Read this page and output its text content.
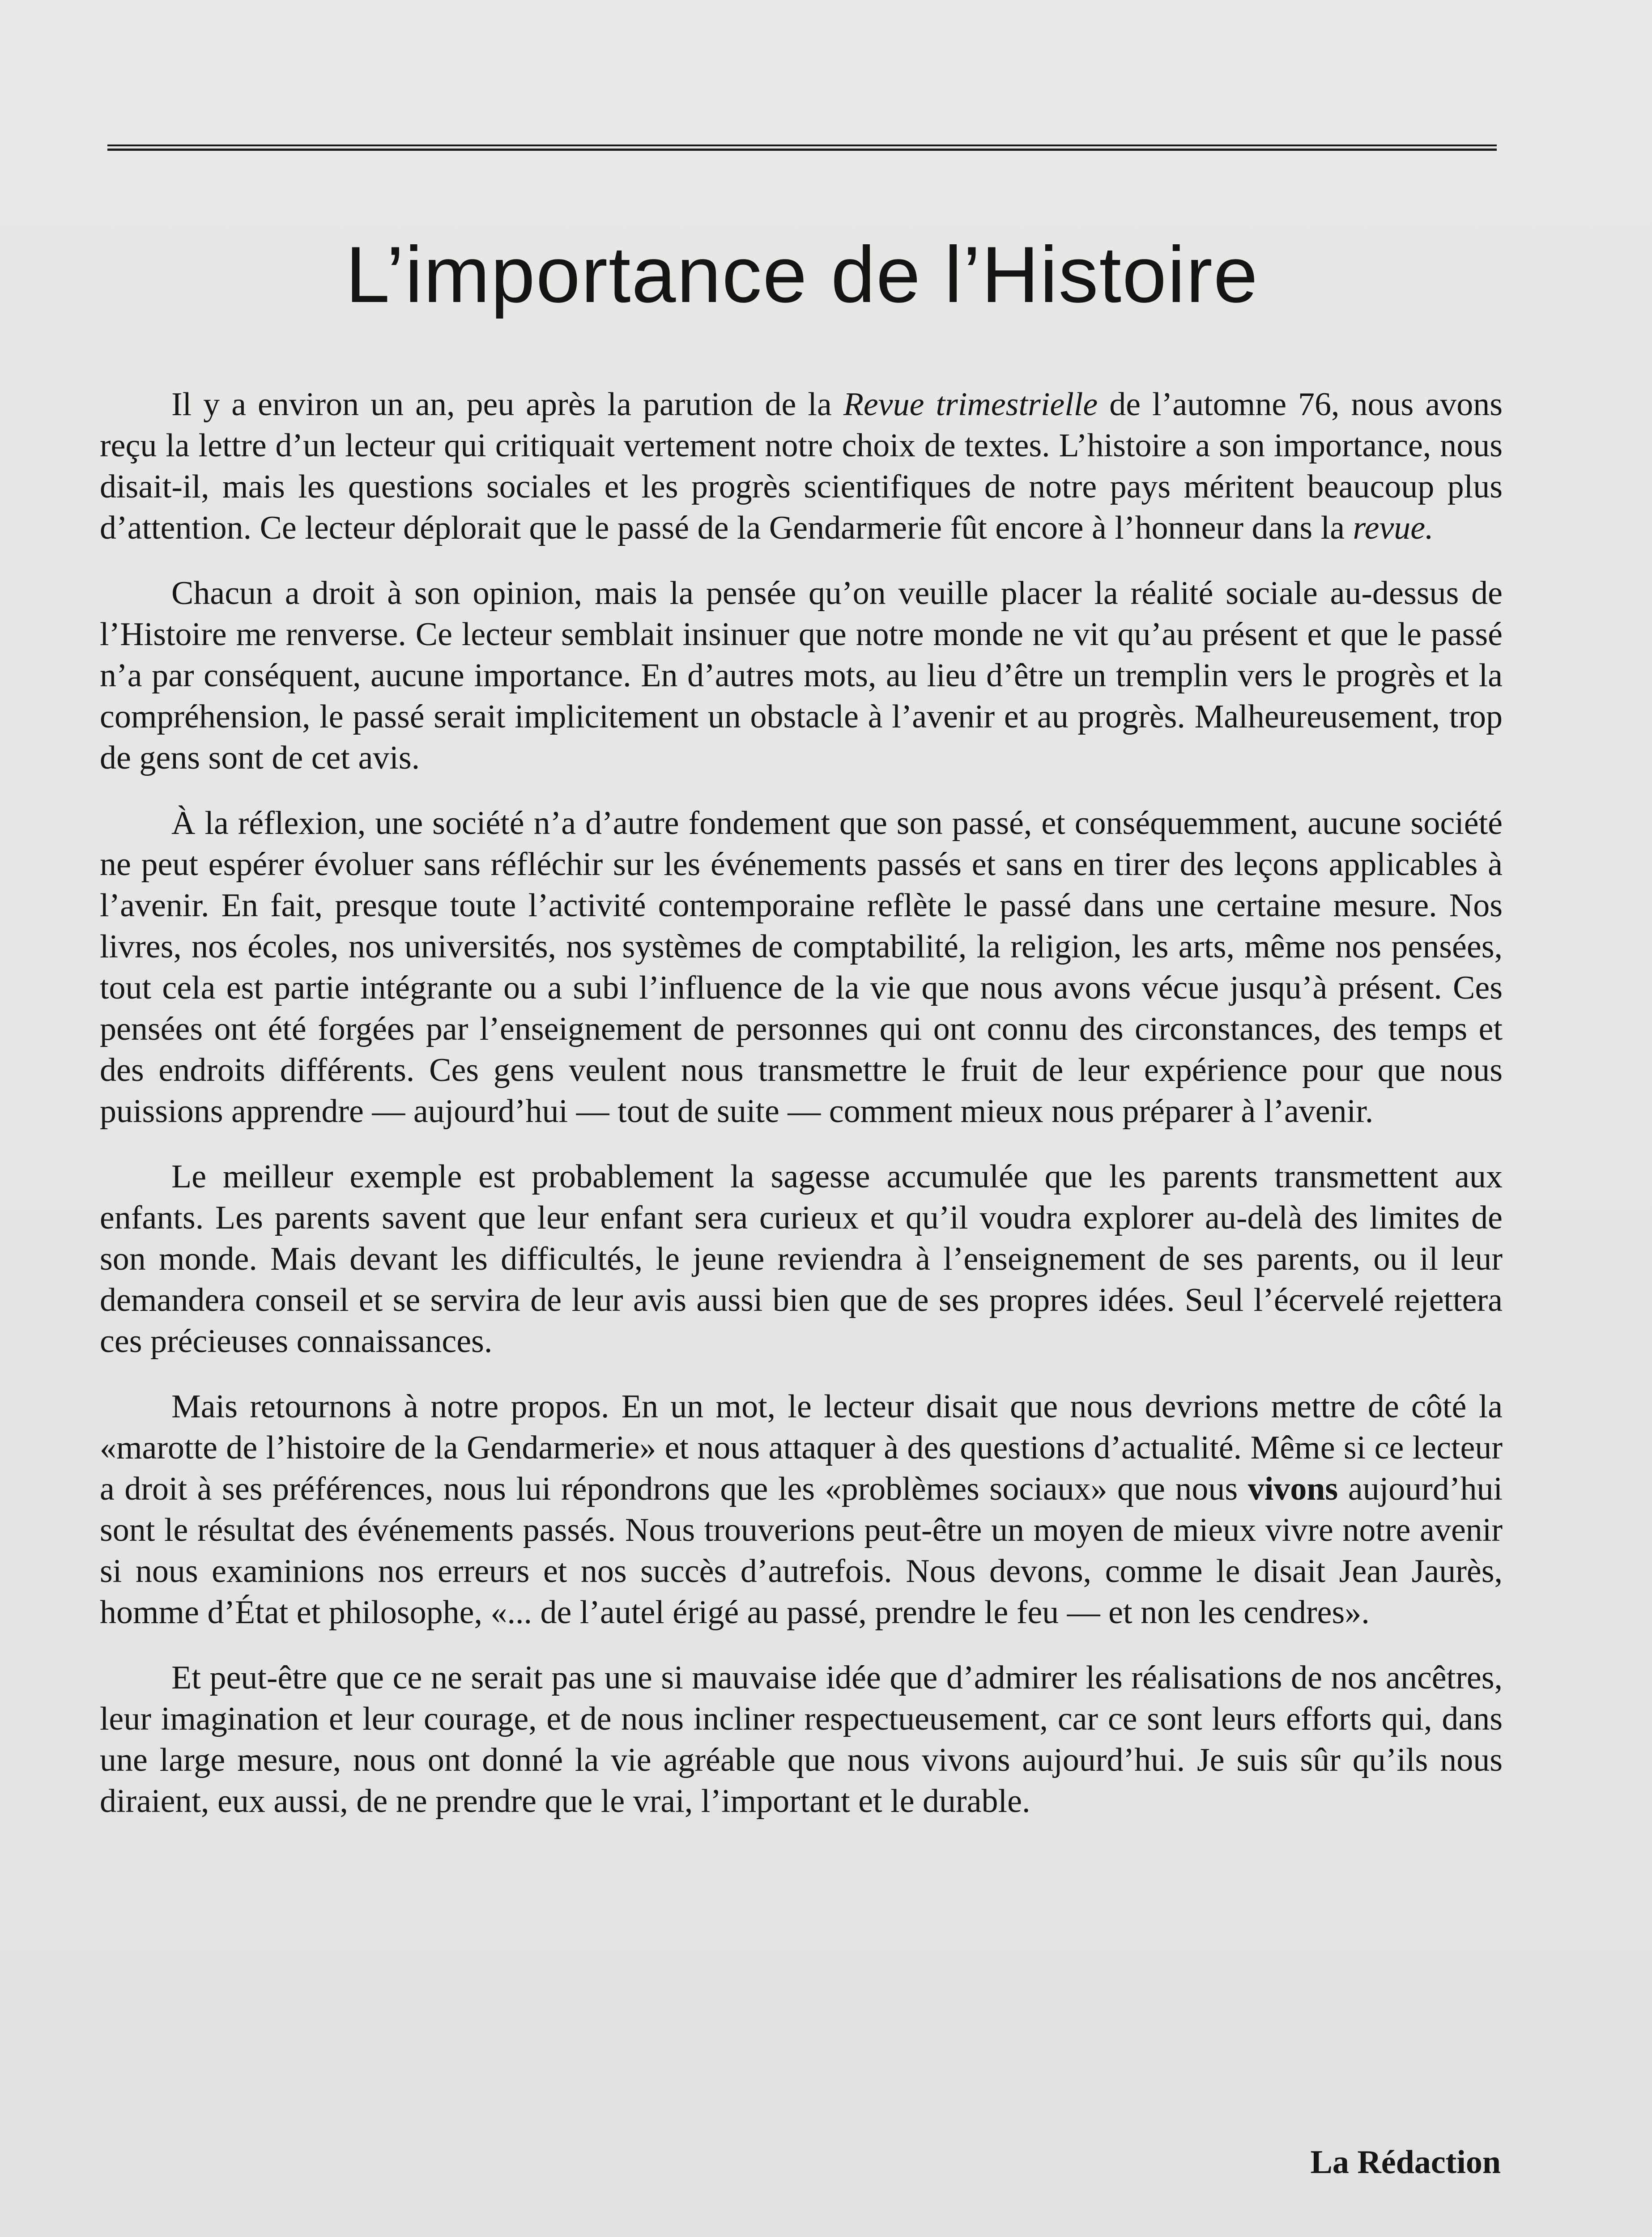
L’importance de l’Histoire

Il y a environ un an, peu après la parution de la Revue trimestrielle de l’automne 76, nous avons reçu la lettre d’un lecteur qui critiquait vertement notre choix de textes. L’histoire a son importance, nous disait-il, mais les questions sociales et les progrès scientifiques de notre pays méritent beaucoup plus d’attention. Ce lecteur déplorait que le passé de la Gendarmerie fût encore à l’honneur dans la revue.

Chacun a droit à son opinion, mais la pensée qu’on veuille placer la réalité sociale au-dessus de l’Histoire me renverse. Ce lecteur semblait insinuer que notre monde ne vit qu’au présent et que le passé n’a par conséquent, aucune importance. En d’autres mots, au lieu d’être un tremplin vers le progrès et la compréhension, le passé serait implicitement un obstacle à l’avenir et au progrès. Malheureusement, trop de gens sont de cet avis.

À la réflexion, une société n’a d’autre fondement que son passé, et conséquemment, aucune société ne peut espérer évoluer sans réfléchir sur les événements passés et sans en tirer des leçons applicables à l’avenir. En fait, presque toute l’activité contemporaine reflète le passé dans une certaine mesure. Nos livres, nos écoles, nos universités, nos systèmes de comptabilité, la religion, les arts, même nos pensées, tout cela est partie intégrante ou a subi l’influence de la vie que nous avons vécue jusqu’à présent. Ces pensées ont été forgées par l’enseignement de personnes qui ont connu des circonstances, des temps et des endroits différents. Ces gens veulent nous transmettre le fruit de leur expérience pour que nous puissions apprendre — aujourd’hui — tout de suite — comment mieux nous préparer à l’avenir.

Le meilleur exemple est probablement la sagesse accumulée que les parents transmettent aux enfants. Les parents savent que leur enfant sera curieux et qu’il voudra explorer au-delà des limites de son monde. Mais devant les difficultés, le jeune reviendra à l’enseignement de ses parents, ou il leur demandera conseil et se servira de leur avis aussi bien que de ses propres idées. Seul l’écervelé rejettera ces précieuses connaissances.

Mais retournons à notre propos. En un mot, le lecteur disait que nous devrions mettre de côté la «marotte de l’histoire de la Gendarmerie» et nous attaquer à des questions d’actualité. Même si ce lecteur a droit à ses préférences, nous lui répondrons que les «problèmes sociaux» que nous vivons aujourd’hui sont le résultat des événements passés. Nous trouverions peut-être un moyen de mieux vivre notre avenir si nous examinions nos erreurs et nos succès d’autrefois. Nous devons, comme le disait Jean Jaurès, homme d’État et philosophe, «... de l’autel érigé au passé, prendre le feu — et non les cendres».

Et peut-être que ce ne serait pas une si mauvaise idée que d’admirer les réalisations de nos ancêtres, leur imagination et leur courage, et de nous incliner respectueusement, car ce sont leurs efforts qui, dans une large mesure, nous ont donné la vie agréable que nous vivons aujourd’hui. Je suis sûr qu’ils nous diraient, eux aussi, de ne prendre que le vrai, l’important et le durable.

La Rédaction
